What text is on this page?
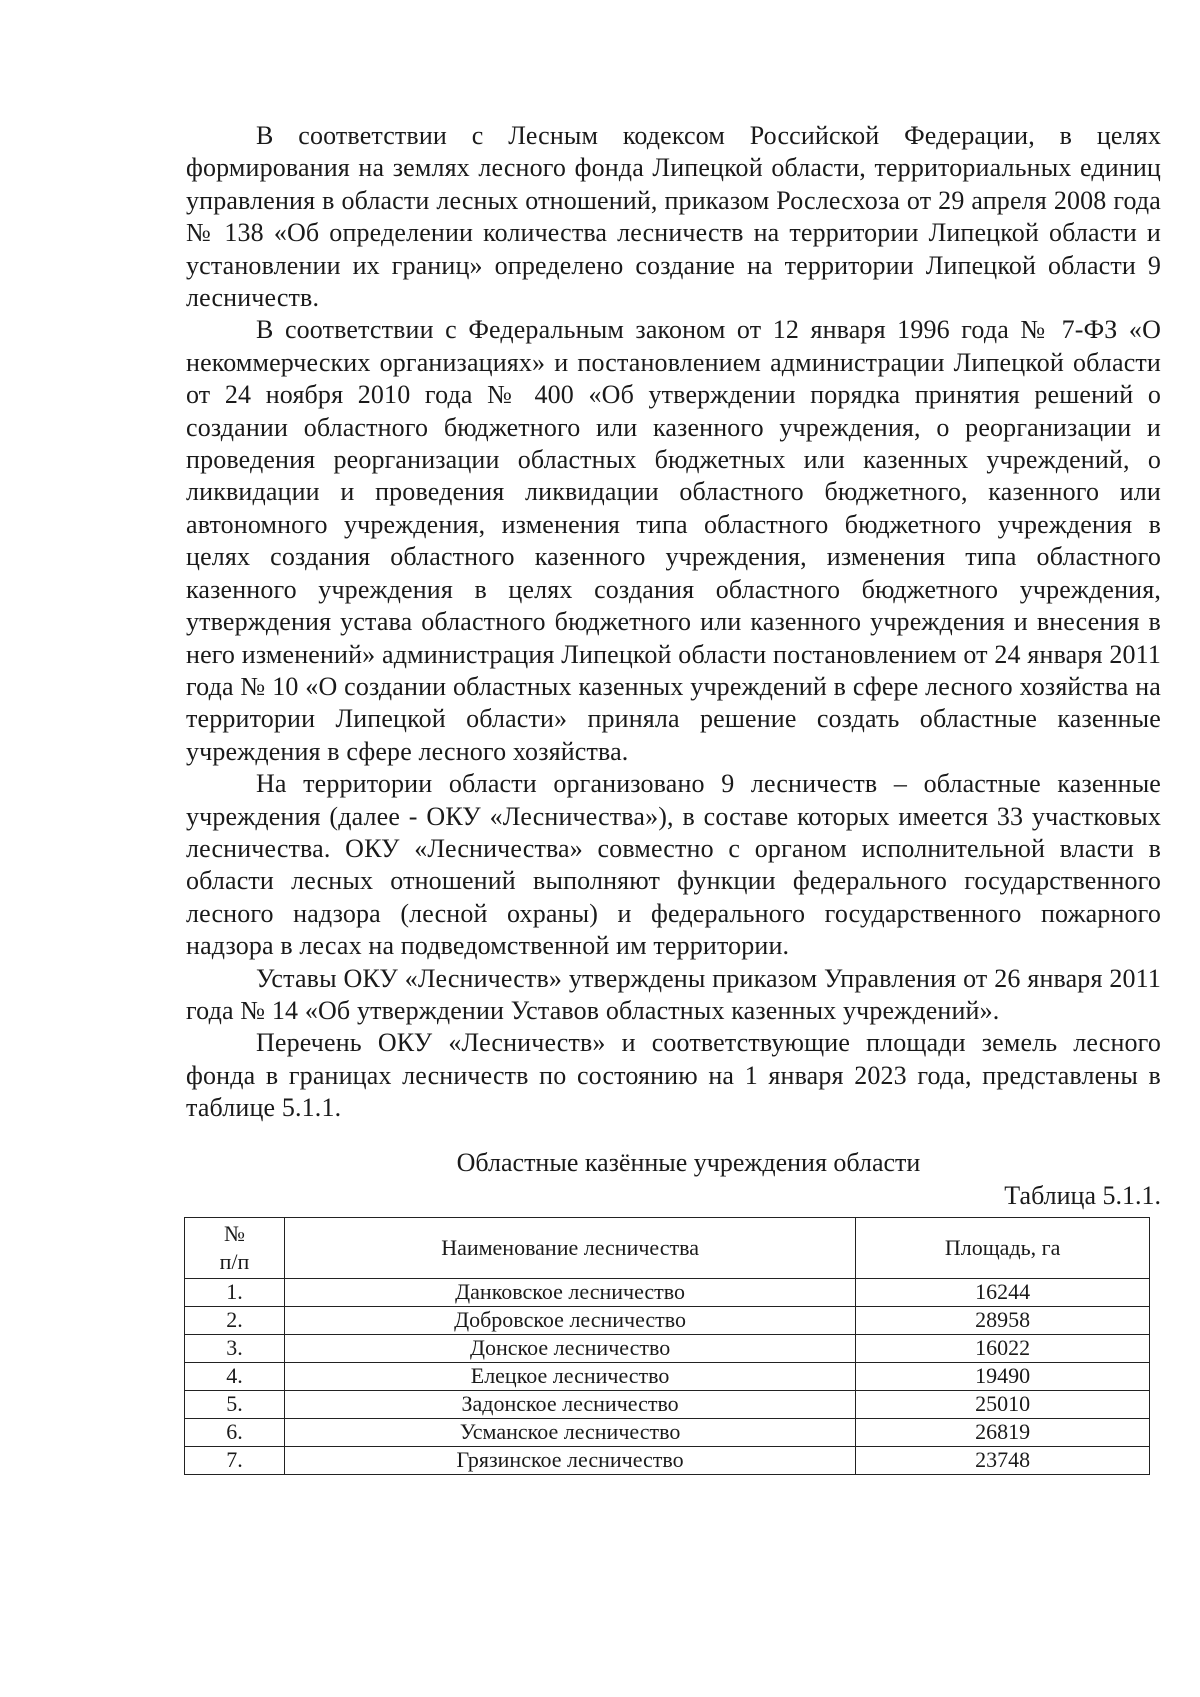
В соответствии с Лесным кодексом Российской Федерации, в целях формирования на землях лесного фонда Липецкой области, территориальных единиц управления в области лесных отношений, приказом Рослесхоза от 29 апреля 2008 года № 138 «Об определении количества лесничеств на территории Липецкой области и установлении их границ» определено создание на территории Липецкой области 9 лесничеств.

В соответствии с Федеральным законом от 12 января 1996 года № 7-ФЗ «О некоммерческих организациях» и постановлением администрации Липецкой области от 24 ноября 2010 года № 400 «Об утверждении порядка принятия решений о создании областного бюджетного или казенного учреждения, о реорганизации и проведения реорганизации областных бюджетных или казенных учреждений, о ликвидации и проведения ликвидации областного бюджетного, казенного или автономного учреждения, изменения типа областного бюджетного учреждения в целях создания областного казенного учреждения, изменения типа областного казенного учреждения в целях создания областного бюджетного учреждения, утверждения устава областного бюджетного или казенного учреждения и внесения в него изменений» администрация Липецкой области постановлением от 24 января 2011 года № 10 «О создании областных казенных учреждений в сфере лесного хозяйства на территории Липецкой области» приняла решение создать областные казенные учреждения в сфере лесного хозяйства.

На территории области организовано 9 лесничеств – областные казенные учреждения (далее - ОКУ «Лесничества»), в составе которых имеется 33 участковых лесничества. ОКУ «Лесничества» совместно с органом исполнительной власти в области лесных отношений выполняют функции федерального государственного лесного надзора (лесной охраны) и федерального государственного пожарного надзора в лесах на подведомственной им территории.

Уставы ОКУ «Лесничеств» утверждены приказом Управления от 26 января 2011 года № 14 «Об утверждении Уставов областных казенных учреждений».

Перечень ОКУ «Лесничеств» и соответствующие площади земель лесного фонда в границах лесничеств по состоянию на 1 января 2023 года, представлены в таблице 5.1.1.

Областные казённые учреждения области

Таблица 5.1.1.

№
п/п	Наименование лесничества	Площадь, га
1.	Данковское лесничество	16244
2.	Добровское лесничество	28958
3.	Донское лесничество	16022
4.	Елецкое лесничество	19490
5.	Задонское лесничество	25010
6.	Усманское лесничество	26819
7.	Грязинское лесничество	23748
